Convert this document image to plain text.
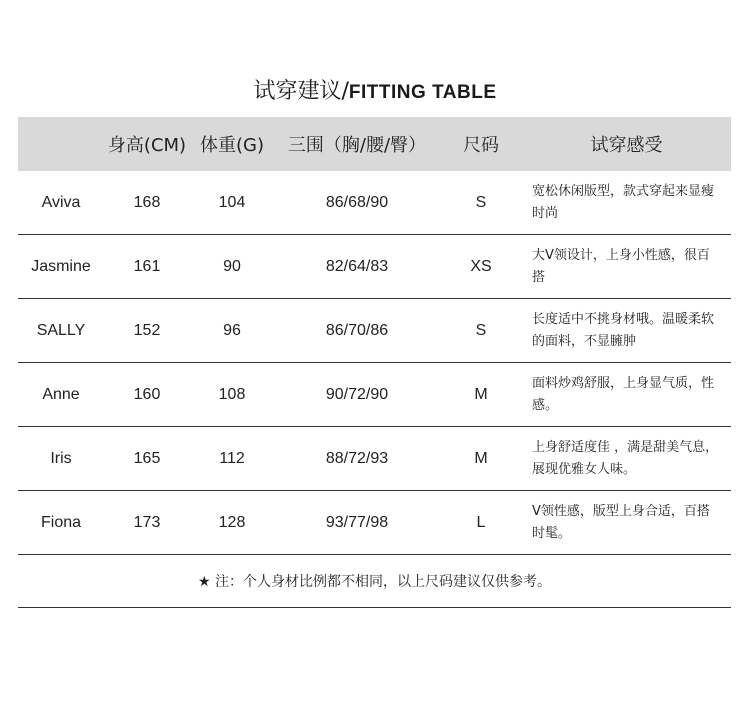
试穿建议/FITTING TABLE
	身高(CM)	体重(G)	三围（胸/腰/臀）	尺码	试穿感受
Aviva	168	104	86/68/90	S	宽松休闲版型，款式穿起来显瘦时尚
Jasmine	161	90	82/64/83	XS	大V领设计，上身小性感，很百搭
SALLY	152	96	86/70/86	S	长度适中不挑身材哦。温暖柔软的面料，不显臃肿
Anne	160	108	90/72/90	M	面料炒鸡舒服，上身显气质，性感。
Iris	165	112	88/72/93	M	上身舒适度佳 ，满是甜美气息，展现优雅女人味。
Fiona	173	128	93/77/98	L	V领性感，版型上身合适，百搭时髦。
★ 注：个人身材比例都不相同，以上尺码建议仅供参考。					
